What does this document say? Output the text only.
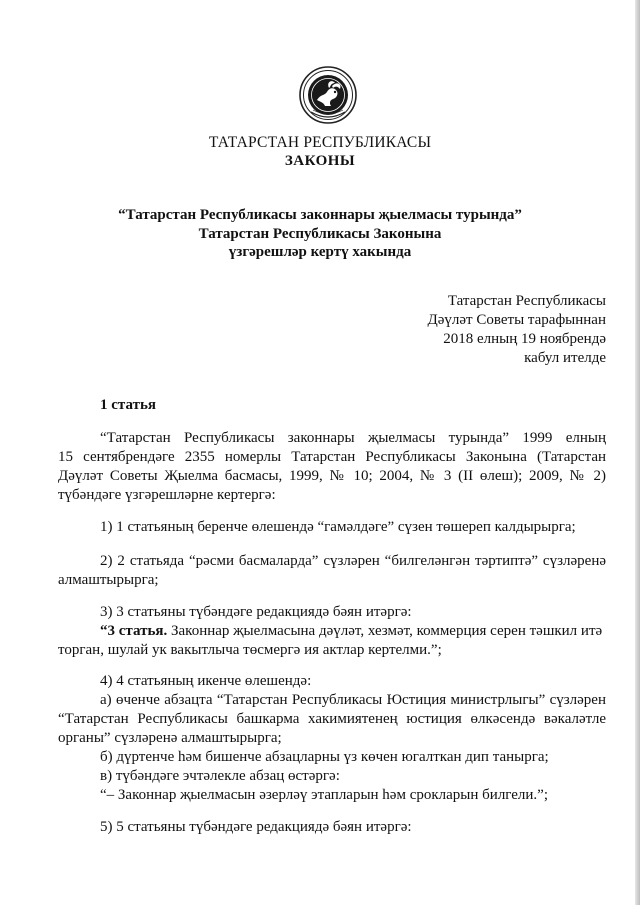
ТАТАРСТАН РЕСПУБЛИКАСЫ
ЗАКОНЫ
“Татарстан Республикасы законнары җыелмасы турында”
Татарстан Республикасы Законына
үзгәрешләр кертү хакында
Татарстан Республикасы
Дәүләт Советы тарафыннан
2018 елның 19 ноябрендә
кабул ителде
1 статья
“Татарстан Республикасы законнары җыелмасы турында” 1999 елның
15 сентябрендәге 2355 номерлы Татарстан Республикасы Законына (Татарстан
Дәүләт Советы Җыелма басмасы, 1999, № 10; 2004, № 3 (II өлеш); 2009, № 2)
түбәндәге үзгәрешләрне кертергә:
1) 1 статьяның беренче өлешендә “гамәлдәге” сүзен төшереп калдырырга;
2) 2 статьяда “рәсми басмаларда” сүзләрен “билгеләнгән тәртиптә” сүзләренә
алмаштырырга;
3) 3 статьяны түбәндәге редакциядә бәян итәргә:
“3 статья. Законнар җыелмасына дәүләт, хезмәт, коммерция серен тәшкил итә
торган, шулай ук вакытлыча төсмергә ия актлар кертелми.”;
4) 4 статьяның икенче өлешендә:
а) өченче абзацта “Татарстан Республикасы Юстиция министрлыгы” сүзләрен
“Татарстан Республикасы башкарма хакимиятенең юстиция өлкәсендә вәкаләтле
органы” сүзләренә алмаштырырга;
б) дүртенче һәм бишенче абзацларны үз көчен югалткан дип танырга;
в) түбәндәге эчтәлекле абзац өстәргә:
“– Законнар җыелмасын әзерләү этапларын һәм срокларын билгели.”;
5) 5 статьяны түбәндәге редакциядә бәян итәргә:
